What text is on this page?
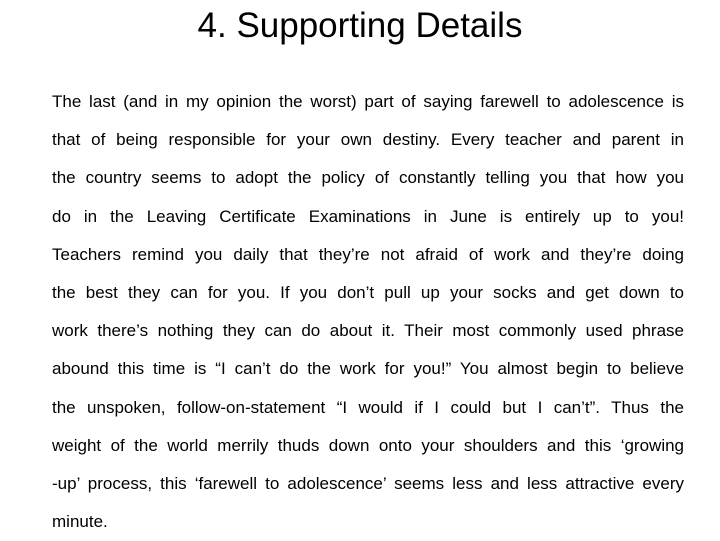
4. Supporting Details
The last (and in my opinion the worst) part of saying farewell to adolescence is
that of being responsible for your own destiny. Every teacher and parent in
the country seems to adopt the policy of constantly telling you that how you
do in the Leaving Certificate Examinations in June is entirely up to you!
Teachers remind you daily that they’re not afraid of work and they’re doing
the best they can for you. If you don’t pull up your socks and get down to
work there’s nothing they can do about it. Their most commonly used phrase
abound this time is “I can’t do the work for you!” You almost begin to believe
the unspoken, follow-on-statement “I would if I could but I can’t”. Thus the
weight of the world merrily thuds down onto your shoulders and this ‘growing
-up’ process, this ‘farewell to adolescence’ seems less and less attractive every
minute.
